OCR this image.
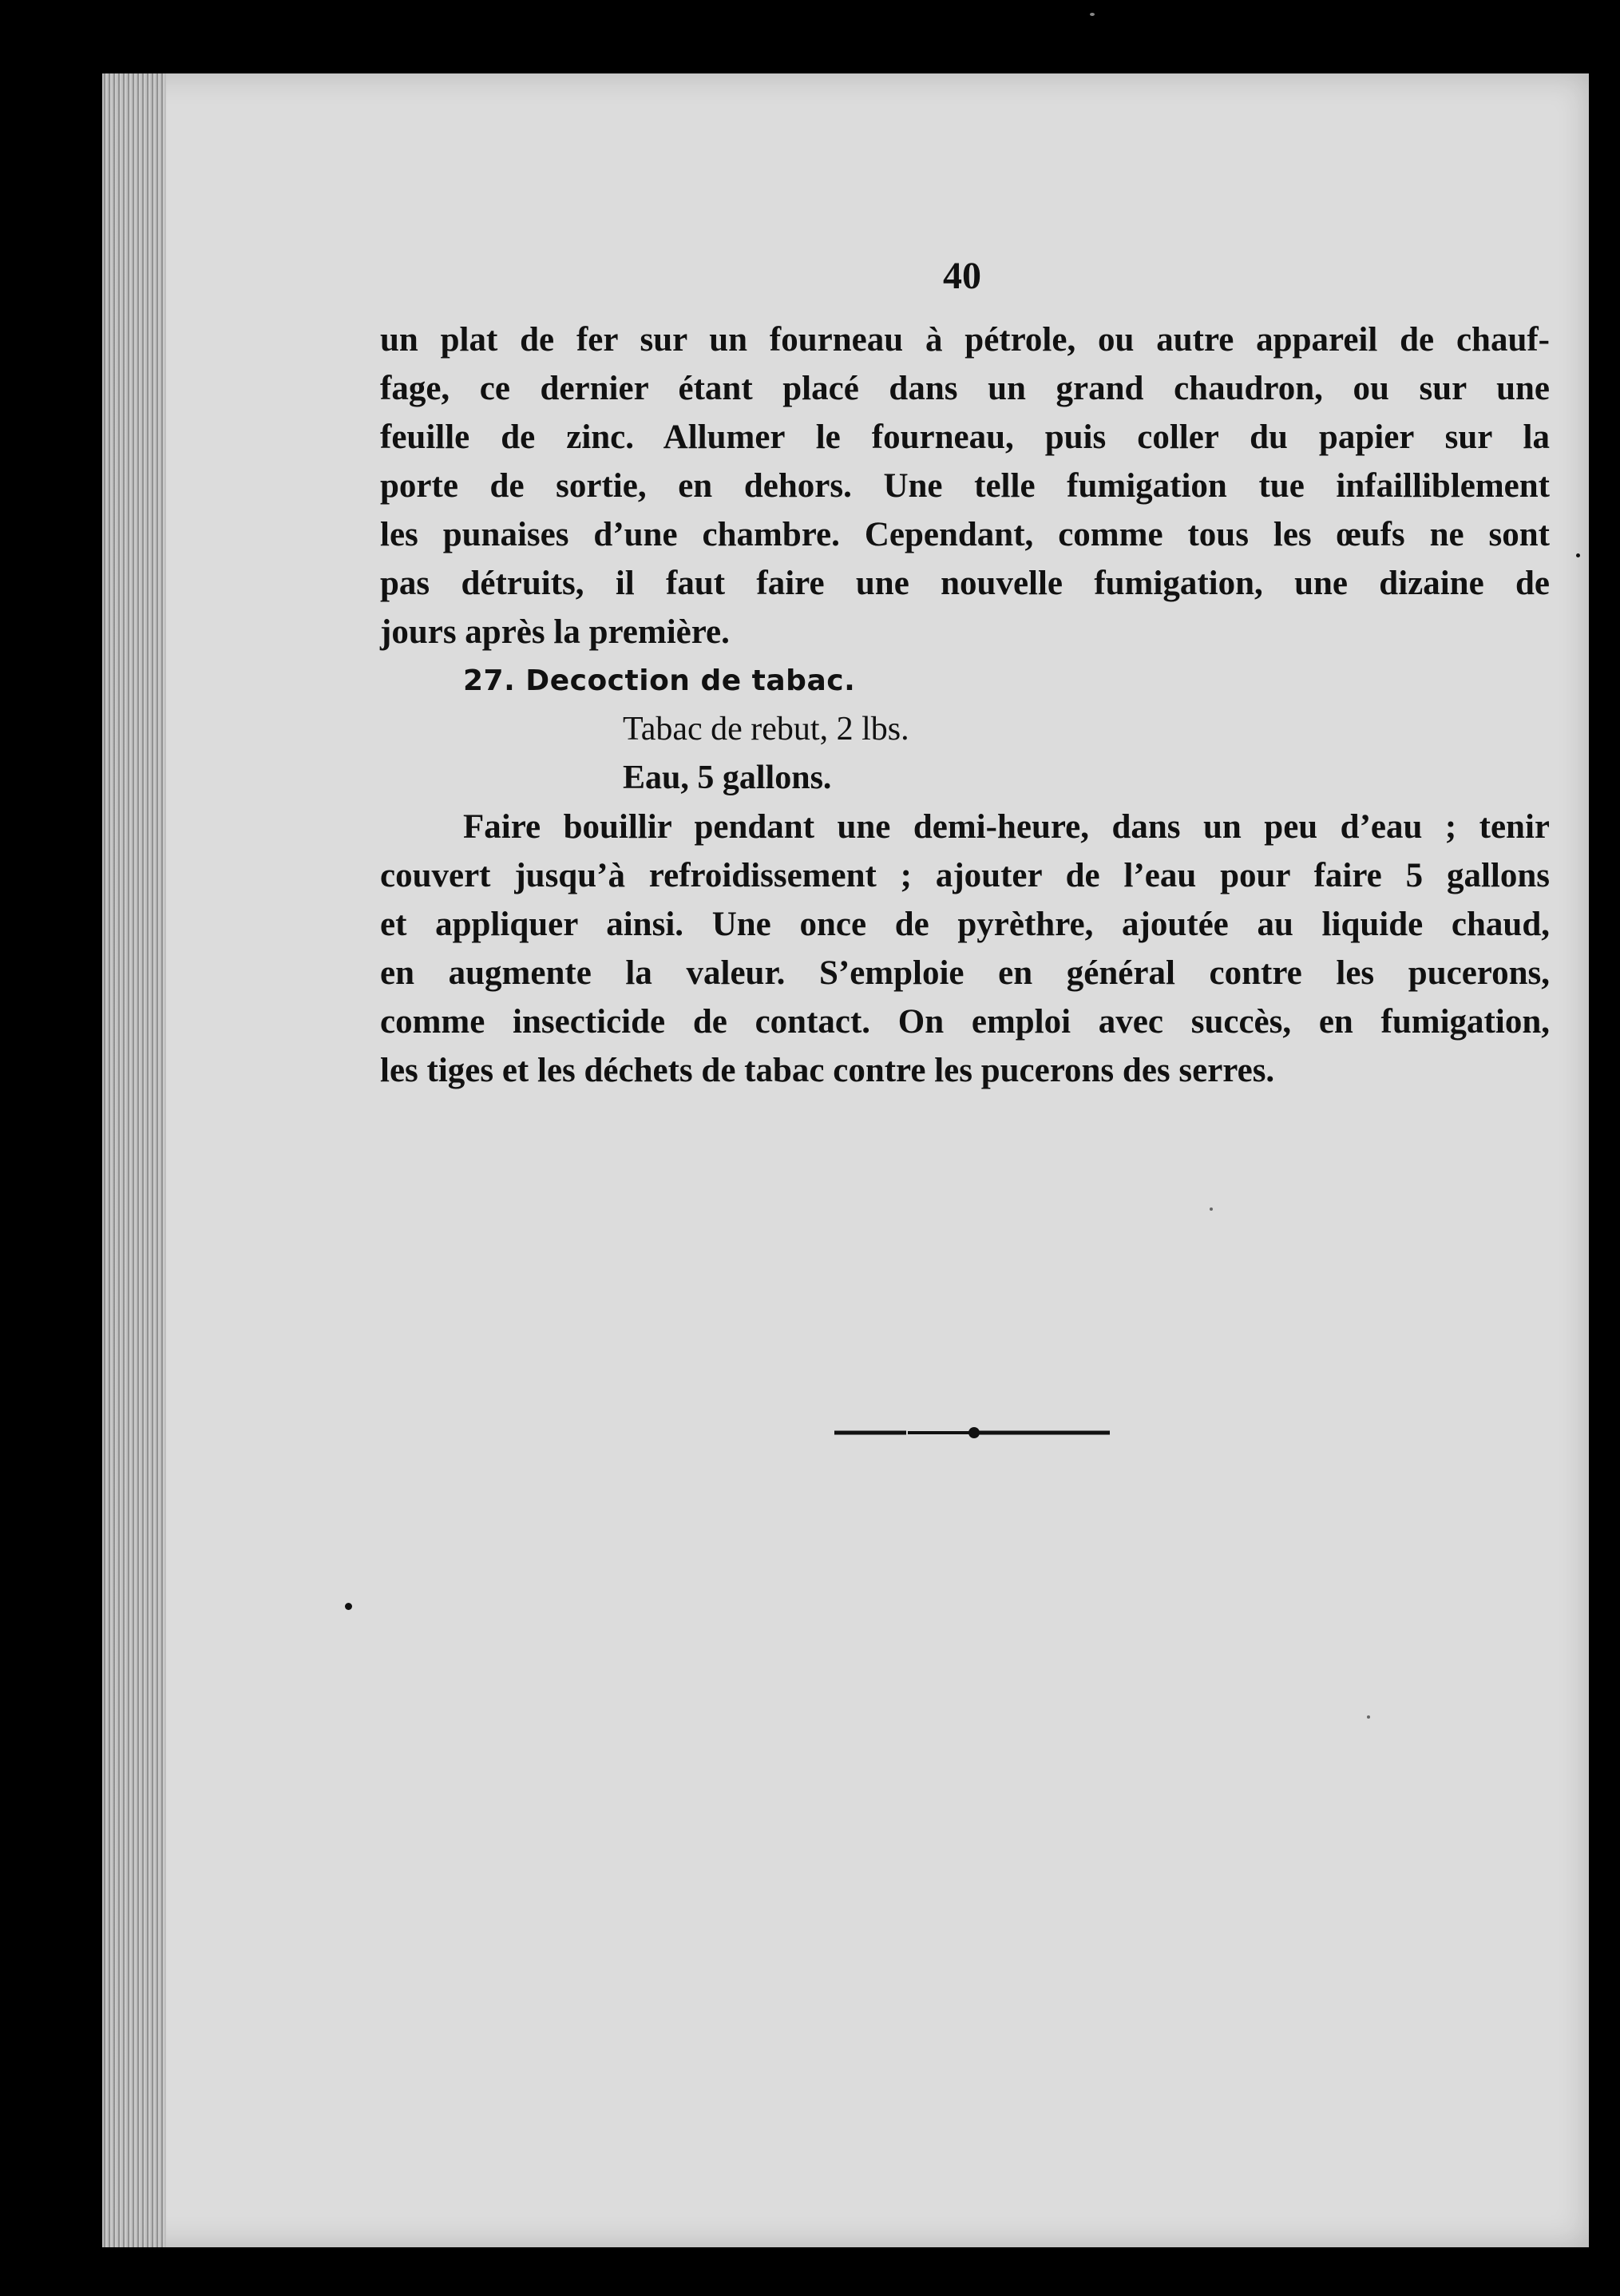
40
un plat de fer sur un fourneau à pétrole, ou autre appareil de chauf-
fage, ce dernier étant placé dans un grand chaudron, ou sur une
feuille de zinc. Allumer le fourneau, puis coller du papier sur la
porte de sortie, en dehors. Une telle fumigation tue infailliblement
les punaises d’une chambre. Cependant, comme tous les œufs ne sont
pas détruits, il faut faire une nouvelle fumigation, une dizaine de
jours après la première.
27. Decoction de tabac.
Tabac de rebut, 2 lbs.
Eau, 5 gallons.
Faire bouillir pendant une demi-heure, dans un peu d’eau ; tenir
couvert jusqu’à refroidissement ; ajouter de l’eau pour faire 5 gallons
et appliquer ainsi. Une once de pyrèthre, ajoutée au liquide chaud,
en augmente la valeur. S’emploie en général contre les pucerons,
comme insecticide de contact. On emploi avec succès, en fumigation,
les tiges et les déchets de tabac contre les pucerons des serres.
